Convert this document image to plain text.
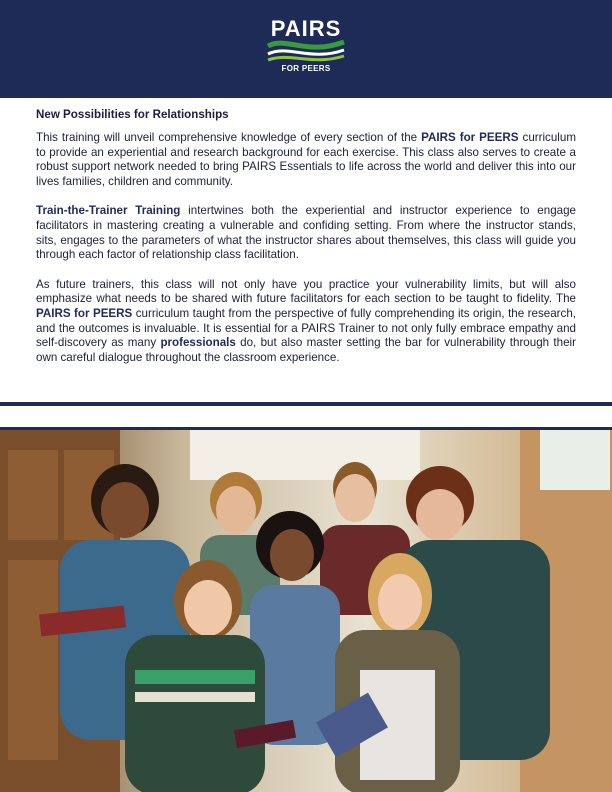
PAIRS
FOR PEERS
New Possibilities for Relationships

This training will unveil comprehensive knowledge of every section of the PAIRS for PEERS curriculum to provide an experiential and research background for each exercise. This class also serves to create a robust support network needed to bring PAIRS Essentials to life across the world and deliver this into our lives families, children and community.

Train-the-Trainer Training intertwines both the experiential and instructor experience to engage facilitators in mastering creating a vulnerable and confiding setting. From where the instructor stands, sits, engages to the parameters of what the instructor shares about themselves, this class will guide you through each factor of relationship class facilitation.

As future trainers, this class will not only have you practice your vulnerability limits, but will also emphasize what needs to be shared with future facilitators for each section to be taught to fidelity. The PAIRS for PEERS curriculum taught from the perspective of fully comprehending its origin, the research, and the outcomes is invaluable. It is essential for a PAIRS Trainer to not only fully embrace empathy and self-discovery as many professionals do, but also master setting the bar for vulnerability through their own careful dialogue throughout the classroom experience.
